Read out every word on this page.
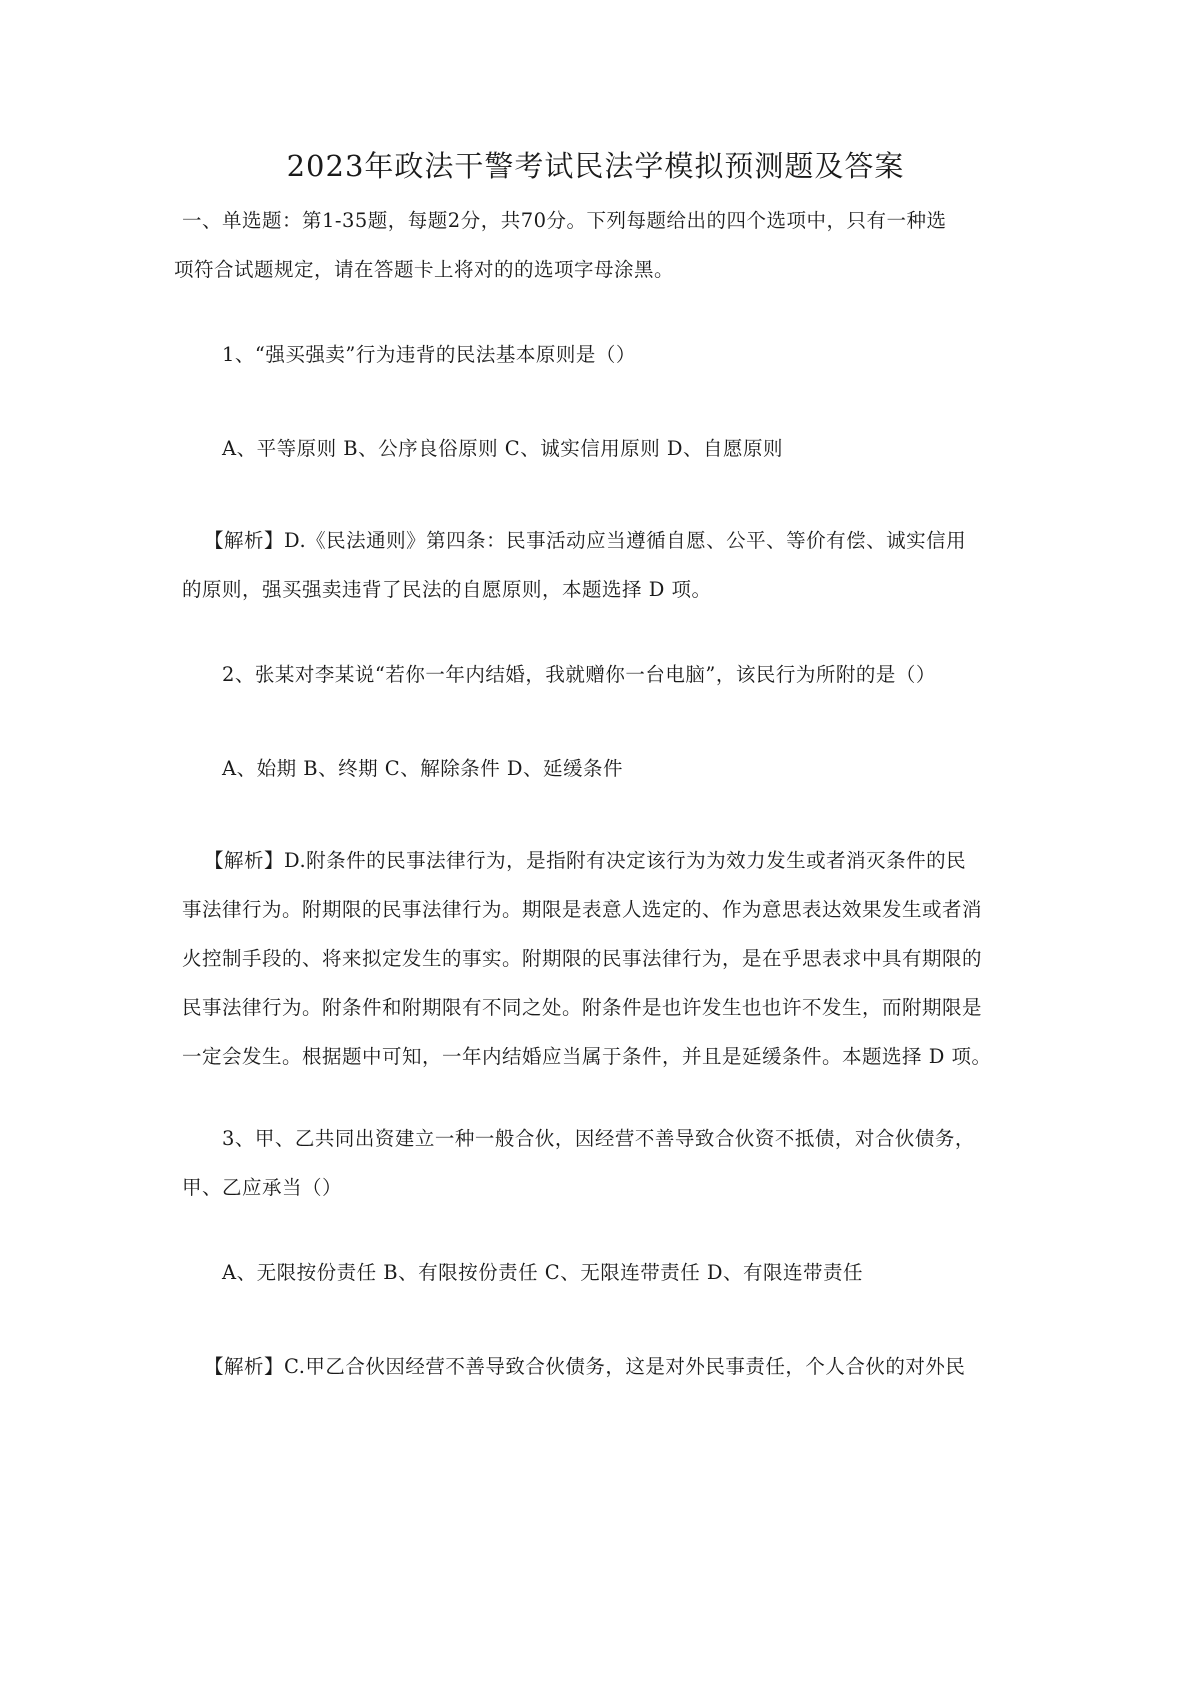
2023年政法干警考试民法学模拟预测题及答案
一、单选题：第1-35题，每题2分，共70分。下列每题给出的四个选项中，只有一种选
项符合试题规定，请在答题卡上将对的的选项字母涂黑。
1、“强买强卖”行为违背的民法基本原则是（）
A、平等原则 B、公序良俗原则 C、诚实信用原则 D、自愿原则
【解析】D.《民法通则》第四条：民事活动应当遵循自愿、公平、等价有偿、诚实信用
的原则，强买强卖违背了民法的自愿原则，本题选择 D 项。
2、张某对李某说“若你一年内结婚，我就赠你一台电脑”，该民行为所附的是（）
A、始期 B、终期 C、解除条件 D、延缓条件
【解析】D.附条件的民事法律行为，是指附有决定该行为为效力发生或者消灭条件的民
事法律行为。附期限的民事法律行为。期限是表意人选定的、作为意思表达效果发生或者消
火控制手段的、将来拟定发生的事实。附期限的民事法律行为，是在乎思表求中具有期限的
民事法律行为。附条件和附期限有不同之处。附条件是也许发生也也许不发生，而附期限是
一定会发生。根据题中可知，一年内结婚应当属于条件，并且是延缓条件。本题选择 D 项。
3、甲、乙共同出资建立一种一般合伙，因经营不善导致合伙资不抵债，对合伙债务，
甲、乙应承当（）
A、无限按份责任 B、有限按份责任 C、无限连带责任 D、有限连带责任
【解析】C.甲乙合伙因经营不善导致合伙债务，这是对外民事责任，个人合伙的对外民
